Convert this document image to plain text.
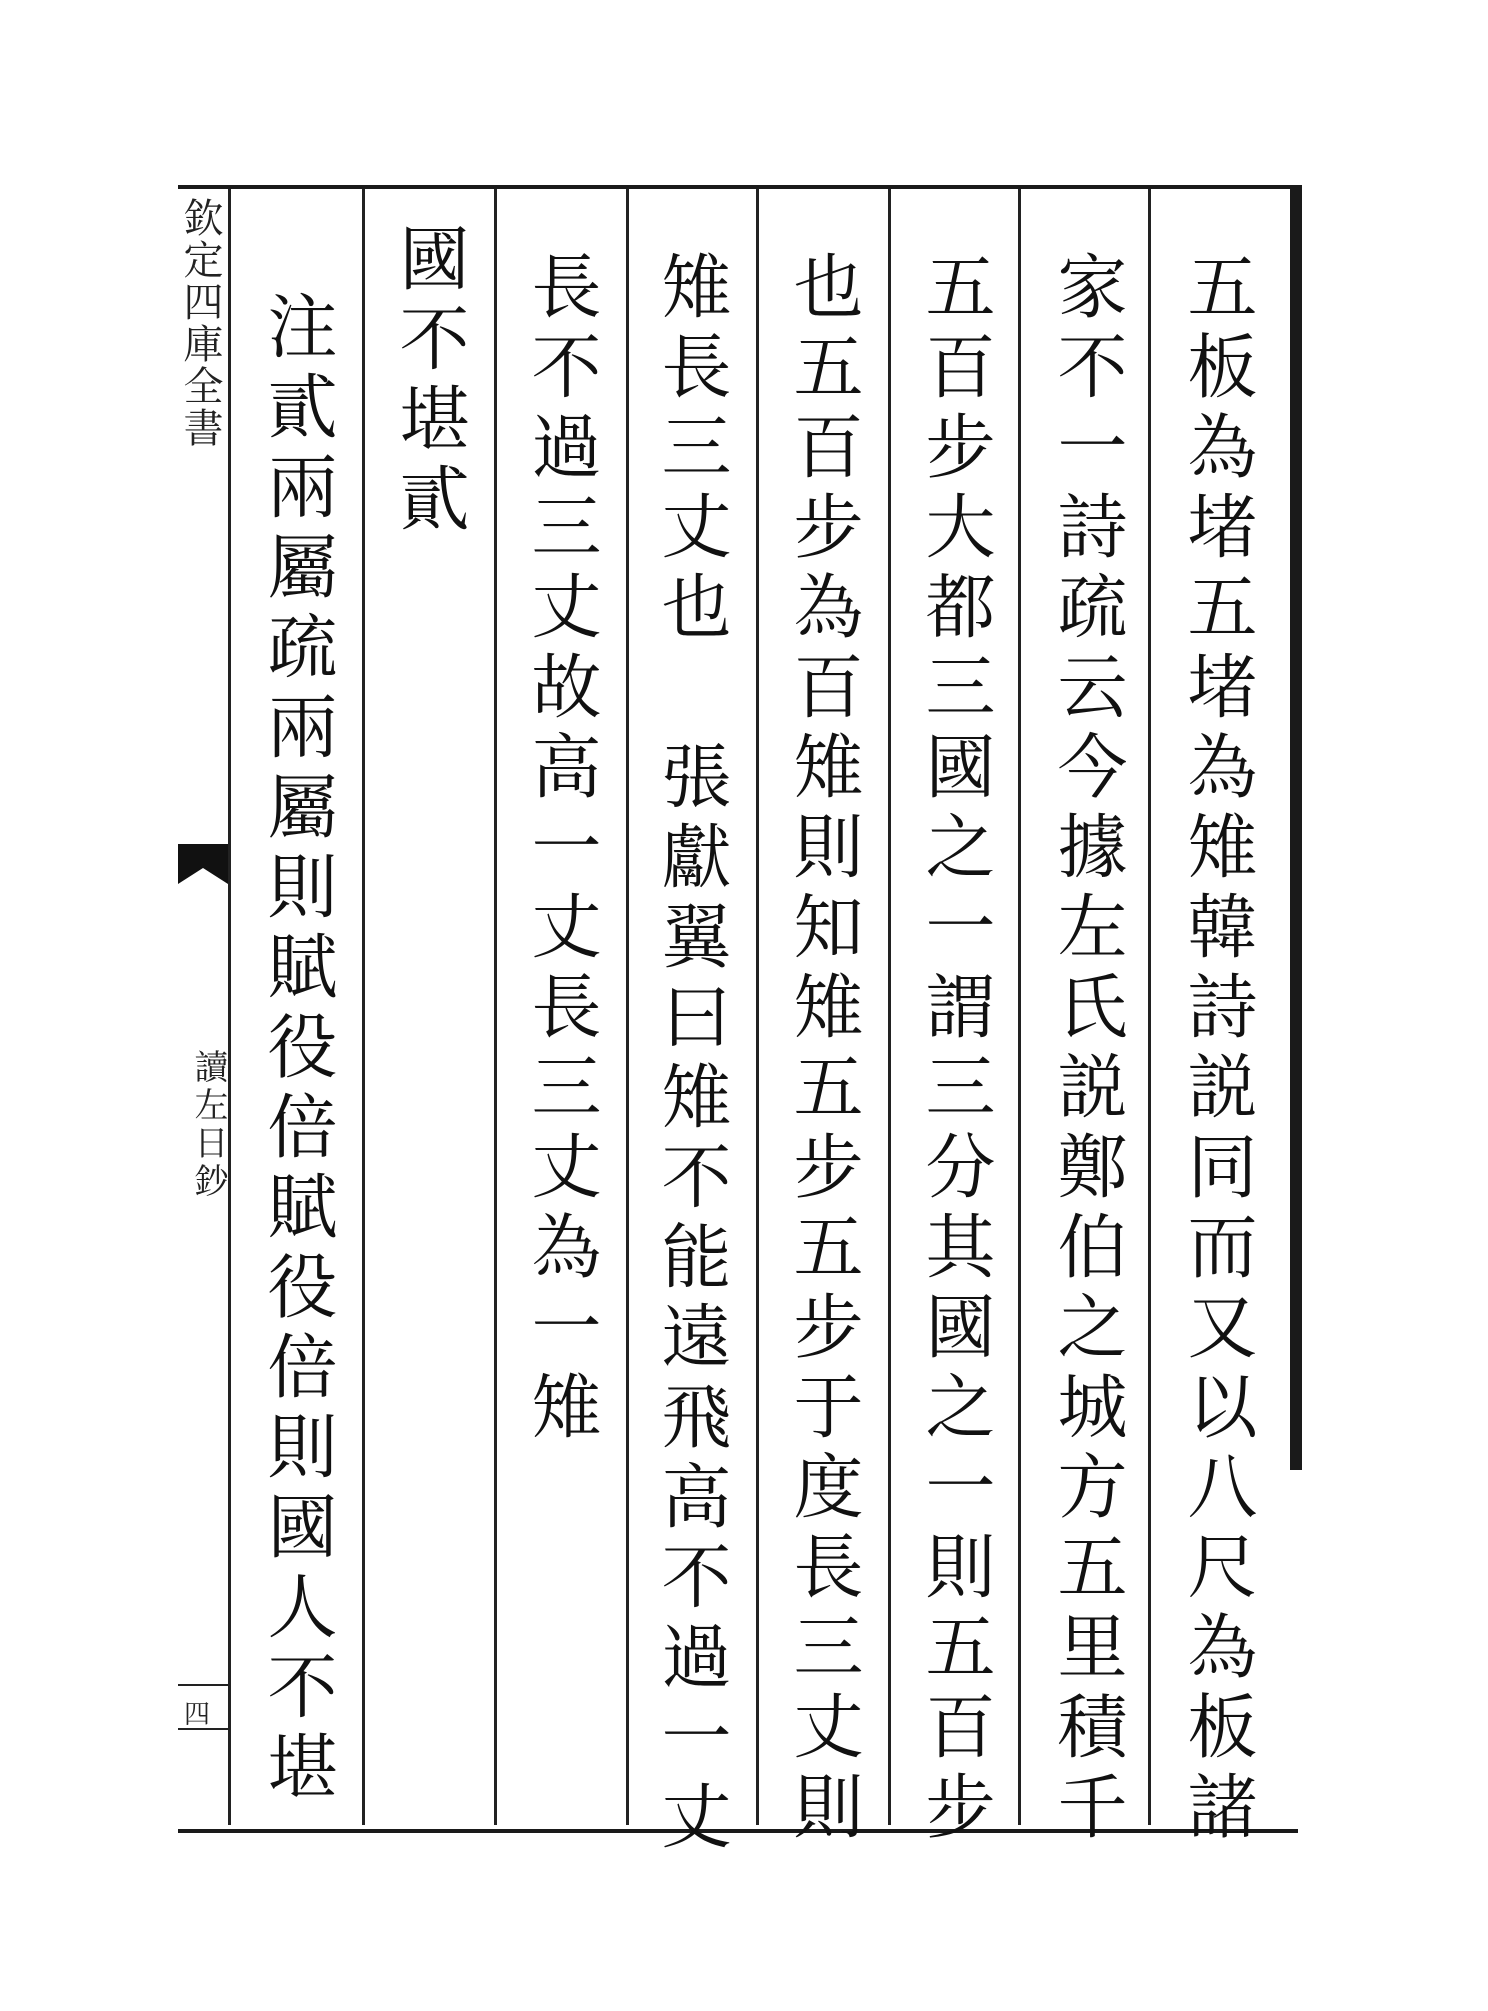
欽定四庫全書
讀左日鈔
四	五板為堵五堵為雉韓詩説同而又以八尺為板諸
家不一詩疏云今據左氏説鄭伯之城方五里積千
五百步大都三國之一謂三分其國之一則五百步
也五百步為百雉則知雉五步五步于度長三丈則
雉長三丈也張獻翼曰雉不能遠飛高不過一丈
長不過三丈故高一丈長三丈為一雉
國不堪貳
注貳兩屬疏兩屬則賦役倍賦役倍則國人不堪
